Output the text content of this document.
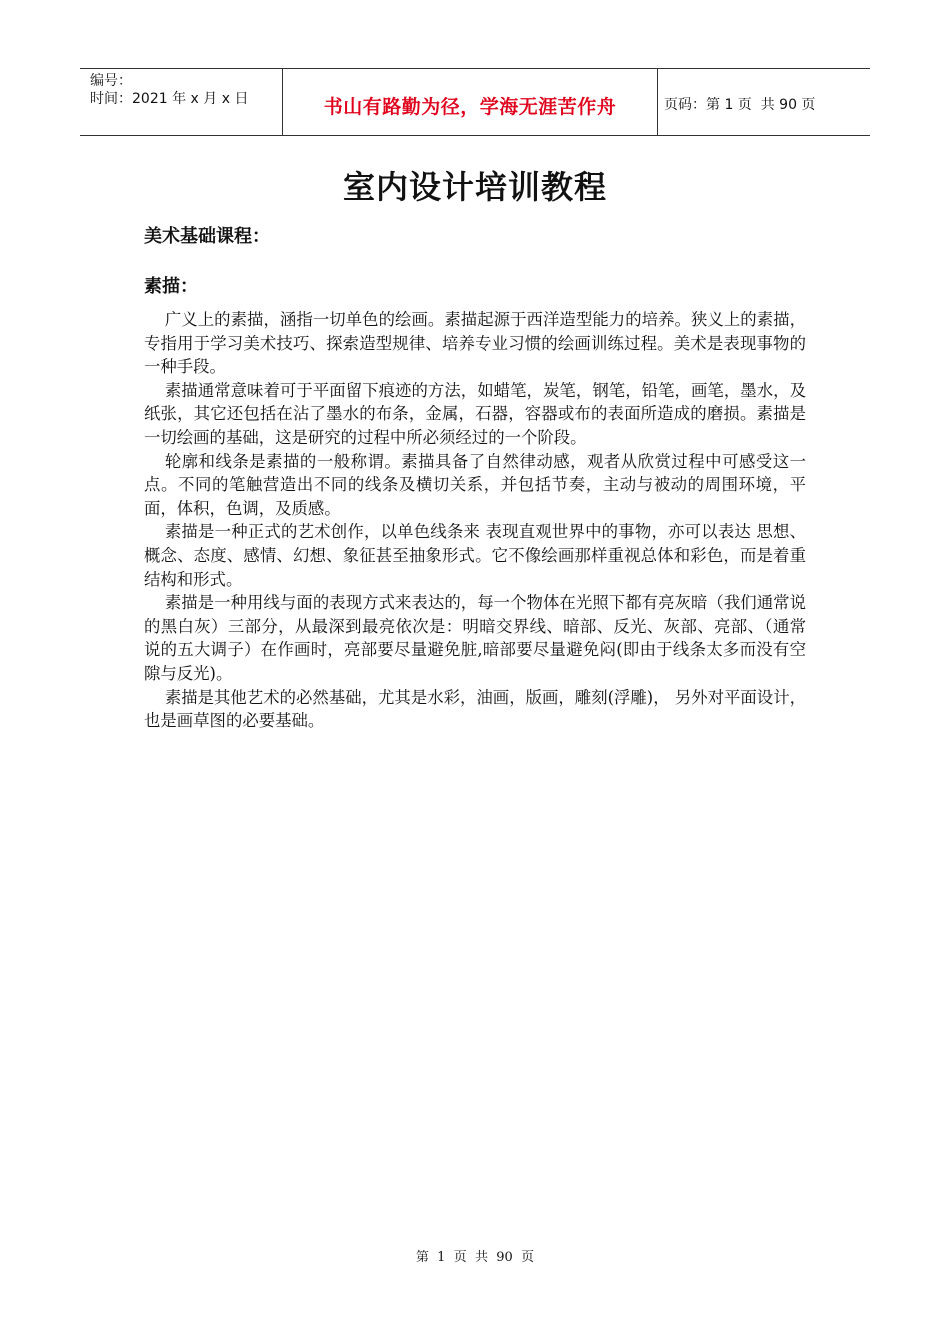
编号：
时间：2021 年 x 月 x 日	书山有路勤为径，学海无涯苦作舟	页码：第 1 页  共 90 页
室内设计培训教程
美术基础课程：
素描：

广义上的素描，涵指一切单色的绘画。素描起源于西洋造型能力的培养。狭义上的素描，专指用于学习美术技巧、探索造型规律、培养专业习惯的绘画训练过程。美术是表现事物的一种手段。

素描通常意味着可于平面留下痕迹的方法，如蜡笔，炭笔，钢笔，铅笔，画笔，墨水，及纸张，其它还包括在沾了墨水的布条，金属，石器，容器或布的表面所造成的磨损。素描是一切绘画的基础，这是研究的过程中所必须经过的一个阶段。

轮廓和线条是素描的一般称谓。素描具备了自然律动感，观者从欣赏过程中可感受这一点。不同的笔触营造出不同的线条及横切关系，并包括节奏，主动与被动的周围环境，平面，体积，色调，及质感。

素描是一种正式的艺术创作，以单色线条来 表现直观世界中的事物，亦可以表达 思想、概念、态度、感情、幻想、象征甚至抽象形式。它不像绘画那样重视总体和彩色，而是着重结构和形式。

素描是一种用线与面的表现方式来表达的，每一个物体在光照下都有亮灰暗（我们通常说的黑白灰）三部分，从最深到最亮依次是：明暗交界线、暗部、反光、灰部、亮部、（通常说的五大调子）在作画时，亮部要尽量避免脏,暗部要尽量避免闷(即由于线条太多而没有空隙与反光)。

素描是其他艺术的必然基础，尤其是水彩，油画，版画，雕刻(浮雕)， 另外对平面设计，也是画草图的必要基础。

第  1  页  共  90  页
